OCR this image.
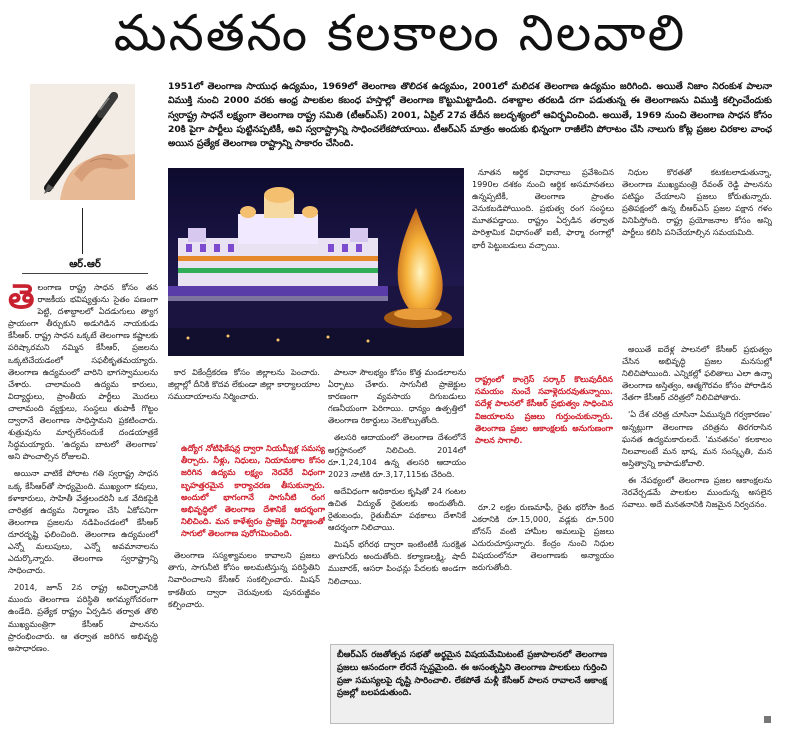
మనతనం కలకాలం నిలవాలి
ఆర్.ఆర్
1951లో తెలంగాణ సాయుధ ఉద్యమం, 1969లో తెలంగాణ తొలిదశ ఉద్యమం, 2001లో మలిదశ తెలంగాణ ఉద్యమం జరిగింది. అయితే నిజాం నిరంకుశ పాలనా విముక్తి నుంచి 2000 వరకు ఆంధ్ర పాలకుల కబంధ హస్తాల్లో తెలంగాణ కొట్టుమిట్టాడింది. దశాబ్దాల తరబడి దగా పడుతున్న ఈ తెలంగాణను విముక్తి కల్పించేందుకు స్వరాష్ట్ర సాధనే లక్ష్యంగా తెలంగాణ రాష్ట్ర సమితి (టీఆర్ఎస్) 2001, ఏప్రిల్ 27వ తేదీన జలదృశ్యంలో ఆవిర్భవించింది. అయితే, 1969 నుంచి తెలంగాణ సాధన కోసం 20కి పైగా పార్టీలు పుట్టినప్పటికీ, అవి స్వరాష్ట్రాన్ని సాధించలేకపోయాయి. టీఆర్ఎస్ మాత్రం అందుకు భిన్నంగా రాజీలేని పోరాటం చేసి నాలుగు కోట్ల ప్రజల చిరకాల వాంఛ అయిన ప్రత్యేక తెలంగాణ రాష్ట్రాన్ని సాకారం చేసింది.

తెలంగాణ రాష్ట్ర సాధన కోసం తన రాజకీయ భవిష్యత్తును సైతం పణంగా పెట్టి, దశాబ్దాలలో ఏదడుగులు త్యాగ ప్రాయంగా తీర్చుకుని అడుగిడిన నాయకుడు కేసీఆర్. రాష్ట్ర సాధన ఒక్కటే తెలంగాణ కష్టాలకు పరిష్కారమని నమ్మిన కేసీఆర్, ప్రజలను ఒక్కటిచేయడంలో సఫలీకృతమయ్యారు. తెలంగాణ ఉద్యమంలో వారిని భాగస్వాములను చేశారు. చాలామంది ఉద్యమ కారులు, విద్యార్థులు, ప్రాంతీయ పార్టీలు మొదలు చాలామంది వ్యక్తులు, సంస్థలు తుపాకీ గొట్టం ద్వారానే తెలంగాణ సాధిస్తామని ప్రకటించారు. శుత్రువును మార్చలేనందుకే దండయాత్రకే సిద్ధమయ్యారు. 'ఉద్యమ బాటలో తెలంగాణ' అని పొంచాల్సిన రోజులవి.

అయినా వాటికే పోరాట గతి స్వరాష్ట్ర సాధన ఒక్క కేసీఆర్‌తో సాధ్యమైంది. ముఖ్యంగా కవులు, కళాకారులు, సాహితీ వేత్తలందరినీ ఒక వేదికపైకి చారిత్రక ఉద్యమ నిర్మాణం చేసి ఏకోపనిగా తెలంగాణ ప్రజలను నడిపించడంలో కేసీఆర్ దూరదృష్టి ఫలించింది. తెలంగాణ ఉద్యమంలో ఎన్నో మలుపులు, ఎన్నో అవమానాలను ఎదుర్కొన్నారు. తెలంగాణ స్వరాష్ట్రాన్ని సాధించారు.

2014, జూన్ 2న రాష్ట్ర అవిర్భావానికి ముందు తెలంగాణ పరిస్థితి అగమ్యగోచరంగా ఉండేది. ప్రత్యేక రాష్ట్రం ఏర్పడిన తర్వాత తొలి ముఖ్యమంత్రిగా కేసీఆర్ పాలనను ప్రారంభించారు. ఆ తర్వాత జరిగిన అభివృద్ధి అసాధారణం.

కార వికేంద్రీకరణ కోసం జిల్లాలను పెంచారు. జిల్లాల్లో దీనికి కొదవ లేకుండా జిల్లా కార్యాలయాల సముదాయాలను నిర్మించారు.

తెలంగాణ సస్యశ్యామలం కావాలని ప్రజలు తాగు, సాగునీటి కోసం అలమటిస్తున్న పరిస్థితిని నివారించాలని కేసీఆర్ సంకల్పించారు. మిషన్ కాకతీయ ద్వారా చెరువులకు పునరుజ్జీవం కల్పించారు.

ఉద్యోగ నోటిఫికేషన్ల ద్వారా నియమ్నీళ్ల సమస్య తీర్చారు. నీళ్లు, నిధులు, నియామకాల కోసం జరిగిన ఉద్యమ లక్ష్యం నెరవేరే విధంగా బృహత్తరమైన కార్యాచరణ తీసుకున్నారు. అందులో భాగంగానే సాగునీటి రంగ అభివృద్ధిలో తెలంగాణ దేశానికే ఆదర్శంగా నిలిచింది. మన కాళేశ్వరం ప్రాజెక్టు నిర్మాణంతో సాగులో తెలంగాణ పురోగమించింది.

పాలనా సౌలభ్యం కోసం కొత్త మండలాలను ఏర్పాటు చేశారు. సాగునీటి ప్రాజెక్టుల కారణంగా వ్యవసాయ దిగుబడులు గణనీయంగా పెరిగాయి. ధాన్యం ఉత్పత్తిలో తెలంగాణ రికార్డులు నెలకొల్పుతోంది.

తలసరి ఆదాయంలో తెలంగాణ దేశంలోనే అగ్రస్థానంలో నిలిచింది. 2014లో రూ.1,24,104 ఉన్న తలసరి ఆదాయం 2023 నాటికి రూ.3,17,115కు చేరింది.

అదేవిధంగా అధికారుల కృషితో 24 గంటల ఉచిత విద్యుత్ రైతులకు అందుతోంది. రైతుబంధు, రైతుబీమా పథకాలు దేశానికే ఆదర్శంగా నిలిచాయి.

మిషన్ భగీరథ ద్వారా ఇంటింటికీ సురక్షిత తాగునీరు అందుతోంది. కల్యాణలక్ష్మి, షాదీ ముబారక్, ఆసరా పింఛన్లు పేదలకు అండగా నిలిచాయి.

నూతన ఆర్థిక విధానాలు ప్రవేశించిన 1990ల దశకం నుంచి ఆర్థిక అసమానతలు ఉన్నప్పటికీ, తెలంగాణ ప్రాంతం వెనుకబడిపోయింది. ప్రభుత్వ రంగ సంస్థలు మూతపడ్డాయి. రాష్ట్రం ఏర్పడిన తర్వాత పారిశ్రామిక విధానంతో ఐటీ, ఫార్మా రంగాల్లో భారీ పెట్టుబడులు వచ్చాయి.

రాష్ట్రంలో కాంగ్రెస్ సర్కార్ కొలువుదీరిన సమయం నుంచే సవాళ్లెదురవుతున్నాయి. పదేళ్ల పాలనలో కేసీఆర్ ప్రభుత్వం సాధించిన విజయాలను ప్రజలు గుర్తుంచుకున్నారు. తెలంగాణ ప్రజల ఆకాంక్షలకు అనుగుణంగా పాలన సాగాలి.

రూ.2 లక్షల రుణమాఫీ, రైతు భరోసా కింద ఎకరానికి రూ.15,000, వడ్లకు రూ.500 బోనస్ వంటి హామీల అమలుపై ప్రజలు ఎదురుచూస్తున్నారు. కేంద్రం నుంచి నిధుల విషయంలోనూ తెలంగాణకు అన్యాయం జరుగుతోంది.

నిధుల కొరతతో కటకటలాడుతున్నా, తెలంగాణ ముఖ్యమంత్రి రేవంత్ రెడ్డి పాలనను పటిష్టం చేయాలని ప్రజలు కోరుతున్నారు. ప్రతిపక్షంలో ఉన్న బీఆర్ఎస్ ప్రజల పక్షాన గళం వినిపిస్తోంది. రాష్ట్ర ప్రయోజనాల కోసం అన్ని పార్టీలు కలిసి పనిచేయాల్సిన సమయమిది.

అయితే ఐదేళ్ల పాలనలో కేసీఆర్ ప్రభుత్వం చేసిన అభివృద్ధి ప్రజల మనసుల్లో నిలిచిపోయింది. ఎన్నికల్లో ఫలితాలు ఎలా ఉన్నా తెలంగాణ అస్తిత్వం, ఆత్మగౌరవం కోసం పోరాడిన నేతగా కేసీఆర్ చరిత్రలో నిలిచిపోతారు.

'ఏ దేశ చరిత్ర చూసినా ఏమున్నది గర్వకారణం' అన్నట్లుగా తెలంగాణ చరిత్రను తిరగరాసిన ఘనత ఉద్యమకారులదే. 'మనతనం' కలకాలం నిలవాలంటే మన భాష, మన సంస్కృతి, మన అస్తిత్వాన్ని కాపాడుకోవాలి.

ఈ నేపథ్యంలో తెలంగాణ ప్రజల ఆకాంక్షలను నెరవేర్చడమే పాలకుల ముందున్న అసలైన సవాలు. అదే మనతనానికి నిజమైన నిర్వచనం.

బీఆర్ఎస్ రజతోత్సవ సభతో అర్థమైన విషయమేమిటంటే ప్రజాపాలనలో తెలంగాణ ప్రజలు ఆనందంగా లేరనే స్పష్టమైంది. ఈ అసంతృప్తిని తెలంగాణ పాలకులు గుర్తించి ప్రజా సమస్యలపై దృష్టి సారించాలి. లేకపోతే మళ్లీ కేసీఆర్ పాలన రావాలనే ఆకాంక్ష ప్రజల్లో బలపడుతుంది.
